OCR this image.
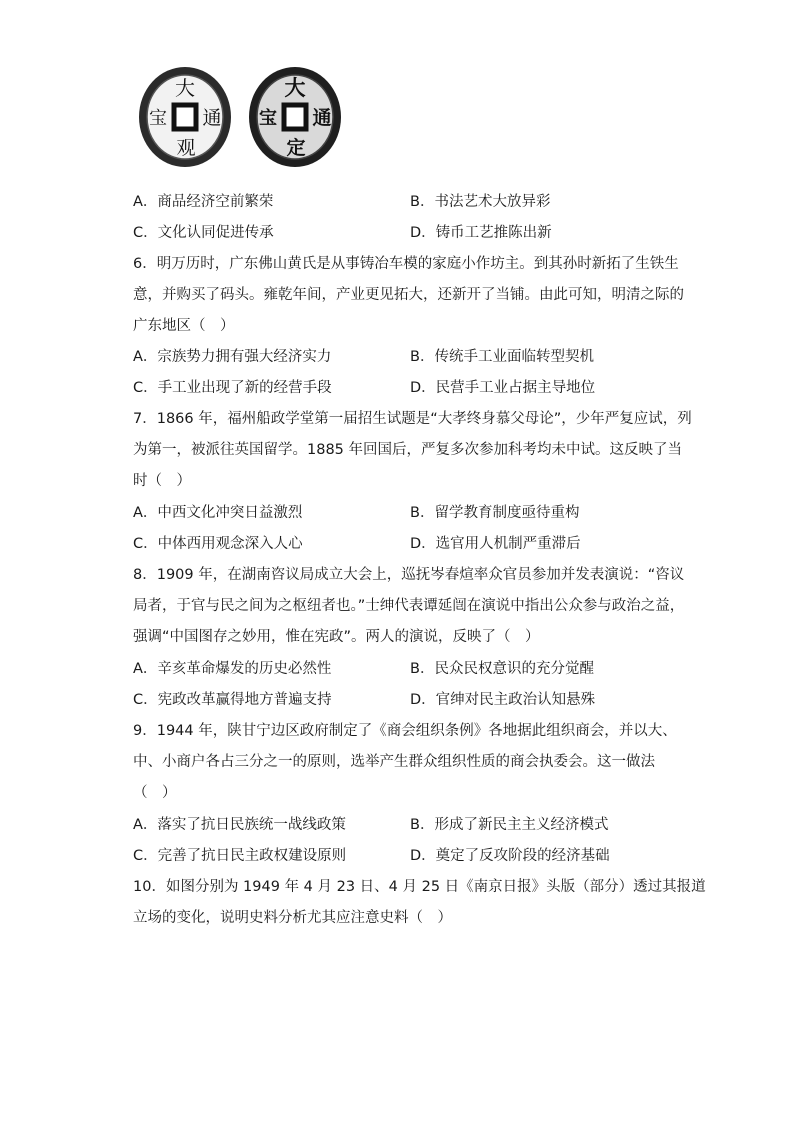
大
通
观
宝
大
通
定
宝
A．商品经济空前繁荣	B．书法艺术大放异彩
C．文化认同促进传承	D．铸币工艺推陈出新
6．明万历时，广东佛山黄氏是从事铸冶车模的家庭小作坊主。到其孙时新拓了生铁生
意，并购买了码头。雍乾年间，产业更见拓大，还新开了当铺。由此可知，明清之际的
广东地区（　）
A．宗族势力拥有强大经济实力	B．传统手工业面临转型契机
C．手工业出现了新的经营手段	D．民营手工业占据主导地位
7．1866 年，福州船政学堂第一届招生试题是“大孝终身慕父母论”，少年严复应试，列
为第一，被派往英国留学。1885 年回国后，严复多次参加科考均未中试。这反映了当
时（　）
A．中西文化冲突日益激烈	B．留学教育制度亟待重构
C．中体西用观念深入人心	D．选官用人机制严重滞后
8．1909 年，在湖南咨议局成立大会上，巡抚岑春煊率众官员参加并发表演说：“咨议
局者，于官与民之间为之枢纽者也。”士绅代表谭延闿在演说中指出公众参与政治之益，
强调“中国图存之妙用，惟在宪政”。两人的演说，反映了（　）
A．辛亥革命爆发的历史必然性	B．民众民权意识的充分觉醒
C．宪政改革赢得地方普遍支持	D．官绅对民主政治认知悬殊
9．1944 年，陕甘宁边区政府制定了《商会组织条例》各地据此组织商会，并以大、
中、小商户各占三分之一的原则，选举产生群众组织性质的商会执委会。这一做法
（　）
A．落实了抗日民族统一战线政策	B．形成了新民主主义经济模式
C．完善了抗日民主政权建设原则	D．奠定了反攻阶段的经济基础
10．如图分别为 1949 年 4 月 23 日、4 月 25 日《南京日报》头版（部分）透过其报道
立场的变化，说明史料分析尤其应注意史料（　）
